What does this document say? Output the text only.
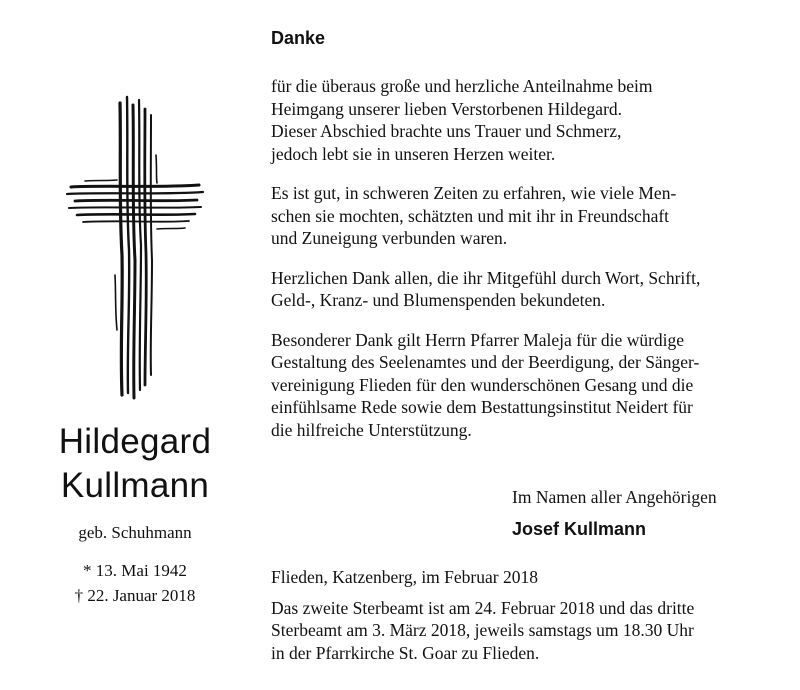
Hildegard
Kullmann
geb. Schuhmann
* 13. Mai 1942
† 22. Januar 2018
Danke
für die überaus große und herzliche Anteilnahme beim
Heimgang unserer lieben Verstorbenen Hildegard.
Dieser Abschied brachte uns Trauer und Schmerz,
jedoch lebt sie in unseren Herzen weiter.
Es ist gut, in schweren Zeiten zu erfahren, wie viele Men-
schen sie mochten, schätzten und mit ihr in Freundschaft
und Zuneigung verbunden waren.
Herzlichen Dank allen, die ihr Mitgefühl durch Wort, Schrift,
Geld-, Kranz- und Blumenspenden bekundeten.
Besonderer Dank gilt Herrn Pfarrer Maleja für die würdige
Gestaltung des Seelenamtes und der Beerdigung, der Sänger-
vereinigung Flieden für den wunderschönen Gesang und die
einfühlsame Rede sowie dem Bestattungsinstitut Neidert für
die hilfreiche Unterstützung.
Im Namen aller Angehörigen
Josef Kullmann
Flieden, Katzenberg, im Februar 2018
Das zweite Sterbeamt ist am 24. Februar 2018 und das dritte
Sterbeamt am 3. März 2018, jeweils samstags um 18.30 Uhr
in der Pfarrkirche St. Goar zu Flieden.
